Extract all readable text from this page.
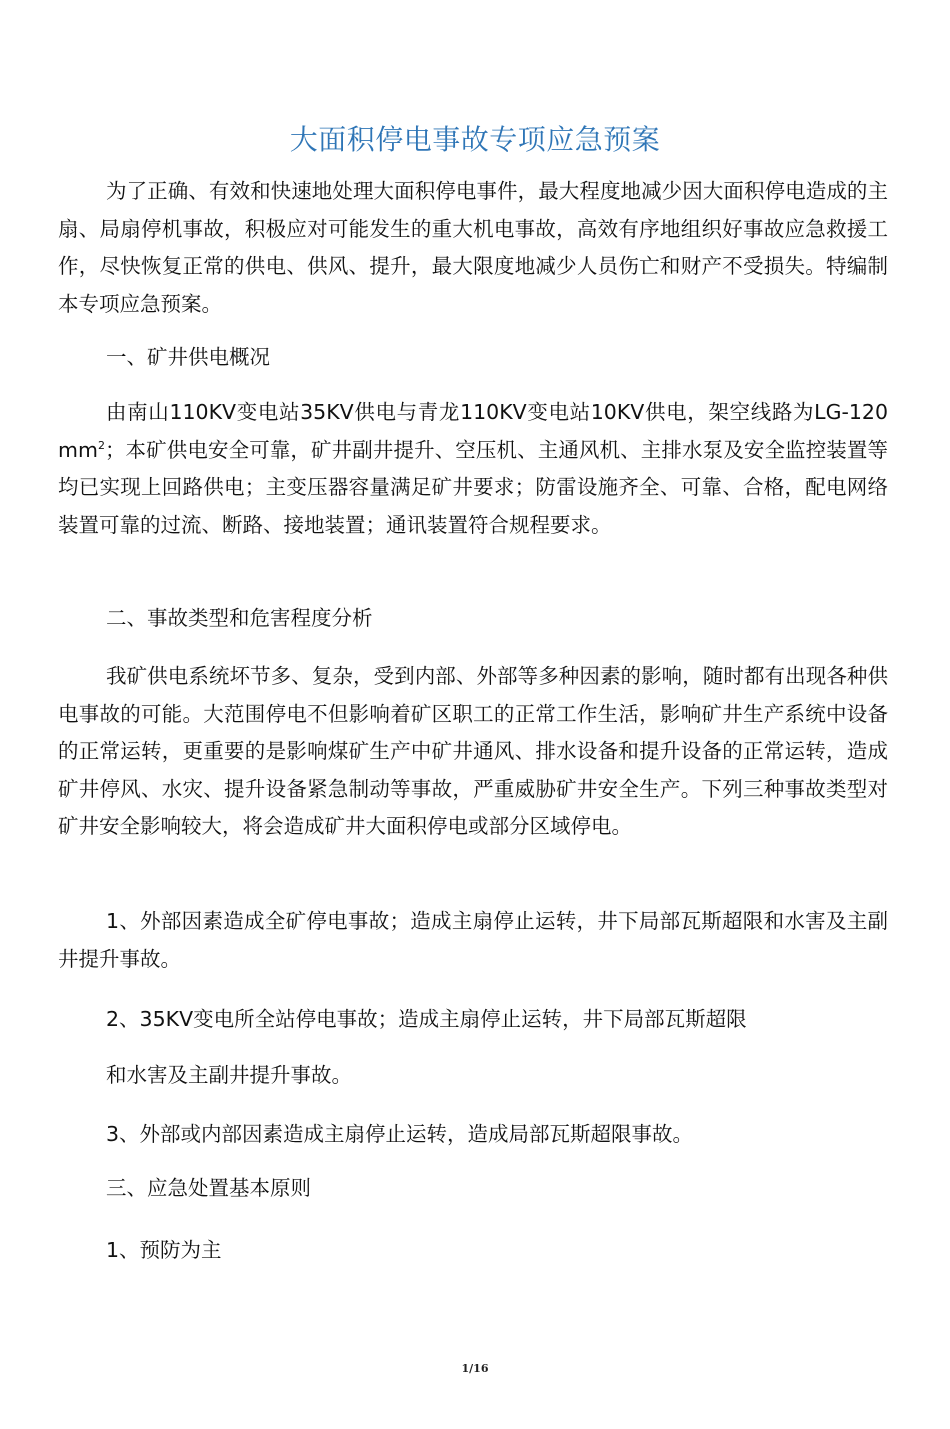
大面积停电事故专项应急预案

为了正确、有效和快速地处理大面积停电事件，最大程度地减少因大面积停电造成的主扇、局扇停机事故，积极应对可能发生的重大机电事故，高效有序地组织好事故应急救援工作，尽快恢复正常的供电、供风、提升，最大限度地减少人员伤亡和财产不受损失。特编制本专项应急预案。

一、矿井供电概况

由南山110KV变电站35KV供电与青龙110KV变电站10KV供电，架空线路为$LG-120mm^2$；本矿供电安全可靠，矿井副井提升、空压机、主通风机、主排水泵及安全监控装置等均已实现上回路供电；主变压器容量满足矿井要求；防雷设施齐全、可靠、合格，配电网络装置可靠的过流、断路、接地装置；通讯装置符合规程要求。

二、事故类型和危害程度分析

我矿供电系统坏节多、复杂，受到内部、外部等多种因素的影响，随时都有出现各种供电事故的可能。大范围停电不但影响着矿区职工的正常工作生活，影响矿井生产系统中设备的正常运转，更重要的是影响煤矿生产中矿井通风、排水设备和提升设备的正常运转，造成矿井停风、水灾、提升设备紧急制动等事故，严重威胁矿井安全生产。下列三种事故类型对矿井安全影响较大，将会造成矿井大面积停电或部分区域停电。

1、外部因素造成全矿停电事故；造成主扇停止运转，井下局部瓦斯超限和水害及主副井提升事故。

2、35KV变电所全站停电事故；造成主扇停止运转，井下局部瓦斯超限

和水害及主副井提升事故。

3、外部或内部因素造成主扇停止运转，造成局部瓦斯超限事故。

三、应急处置基本原则

1、预防为主

1/16
